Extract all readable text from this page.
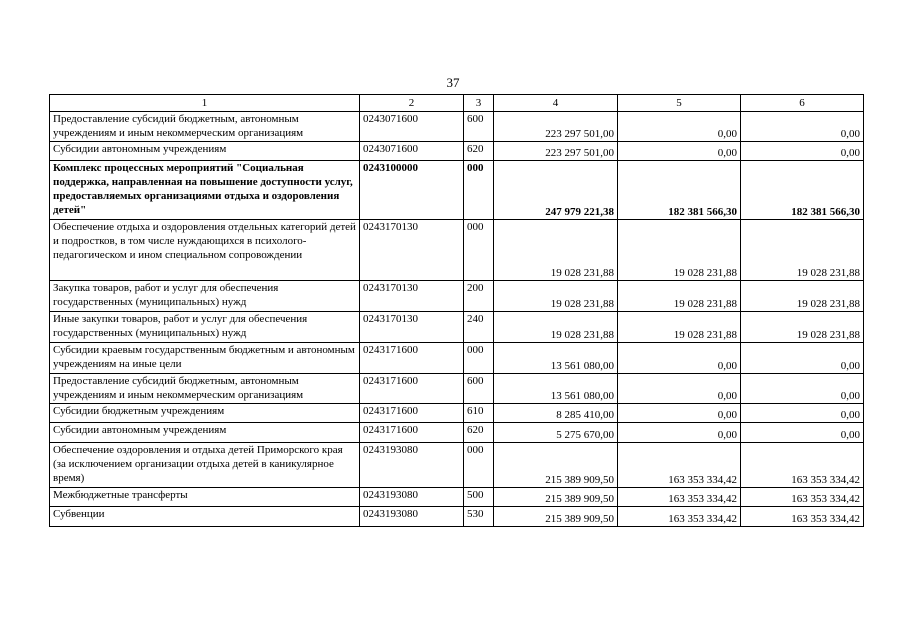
37
1	2	3	4	5	6
Предоставление субсидий бюджетным, автономным учреждениям и иным некоммерческим организациям	0243071600	600	223 297 501,00	0,00	0,00
Субсидии автономным учреждениям	0243071600	620	223 297 501,00	0,00	0,00
Комплекс процессных мероприятий "Социальная поддержка, направленная на повышение доступности услуг, предоставляемых организациями отдыха и оздоровления детей"	0243100000	000	247 979 221,38	182 381 566,30	182 381 566,30
Обеспечение отдыха и оздоровления отдельных категорий детей и подростков, в том числе нуждающихся в психолого-педагогическом и ином специальном сопровождении	0243170130	000	19 028 231,88	19 028 231,88	19 028 231,88
Закупка товаров, работ и услуг для обеспечения государственных (муниципальных) нужд	0243170130	200	19 028 231,88	19 028 231,88	19 028 231,88
Иные закупки товаров, работ и услуг для обеспечения государственных (муниципальных) нужд	0243170130	240	19 028 231,88	19 028 231,88	19 028 231,88
Субсидии краевым государственным бюджетным и автономным учреждениям на иные цели	0243171600	000	13 561 080,00	0,00	0,00
Предоставление субсидий бюджетным, автономным учреждениям и иным некоммерческим организациям	0243171600	600	13 561 080,00	0,00	0,00
Субсидии бюджетным учреждениям	0243171600	610	8 285 410,00	0,00	0,00
Субсидии автономным учреждениям	0243171600	620	5 275 670,00	0,00	0,00
Обеспечение оздоровления и отдыха детей Приморского края (за исключением организации отдыха детей в каникулярное время)	0243193080	000	215 389 909,50	163 353 334,42	163 353 334,42
Межбюджетные трансферты	0243193080	500	215 389 909,50	163 353 334,42	163 353 334,42
Субвенции	0243193080	530	215 389 909,50	163 353 334,42	163 353 334,42
